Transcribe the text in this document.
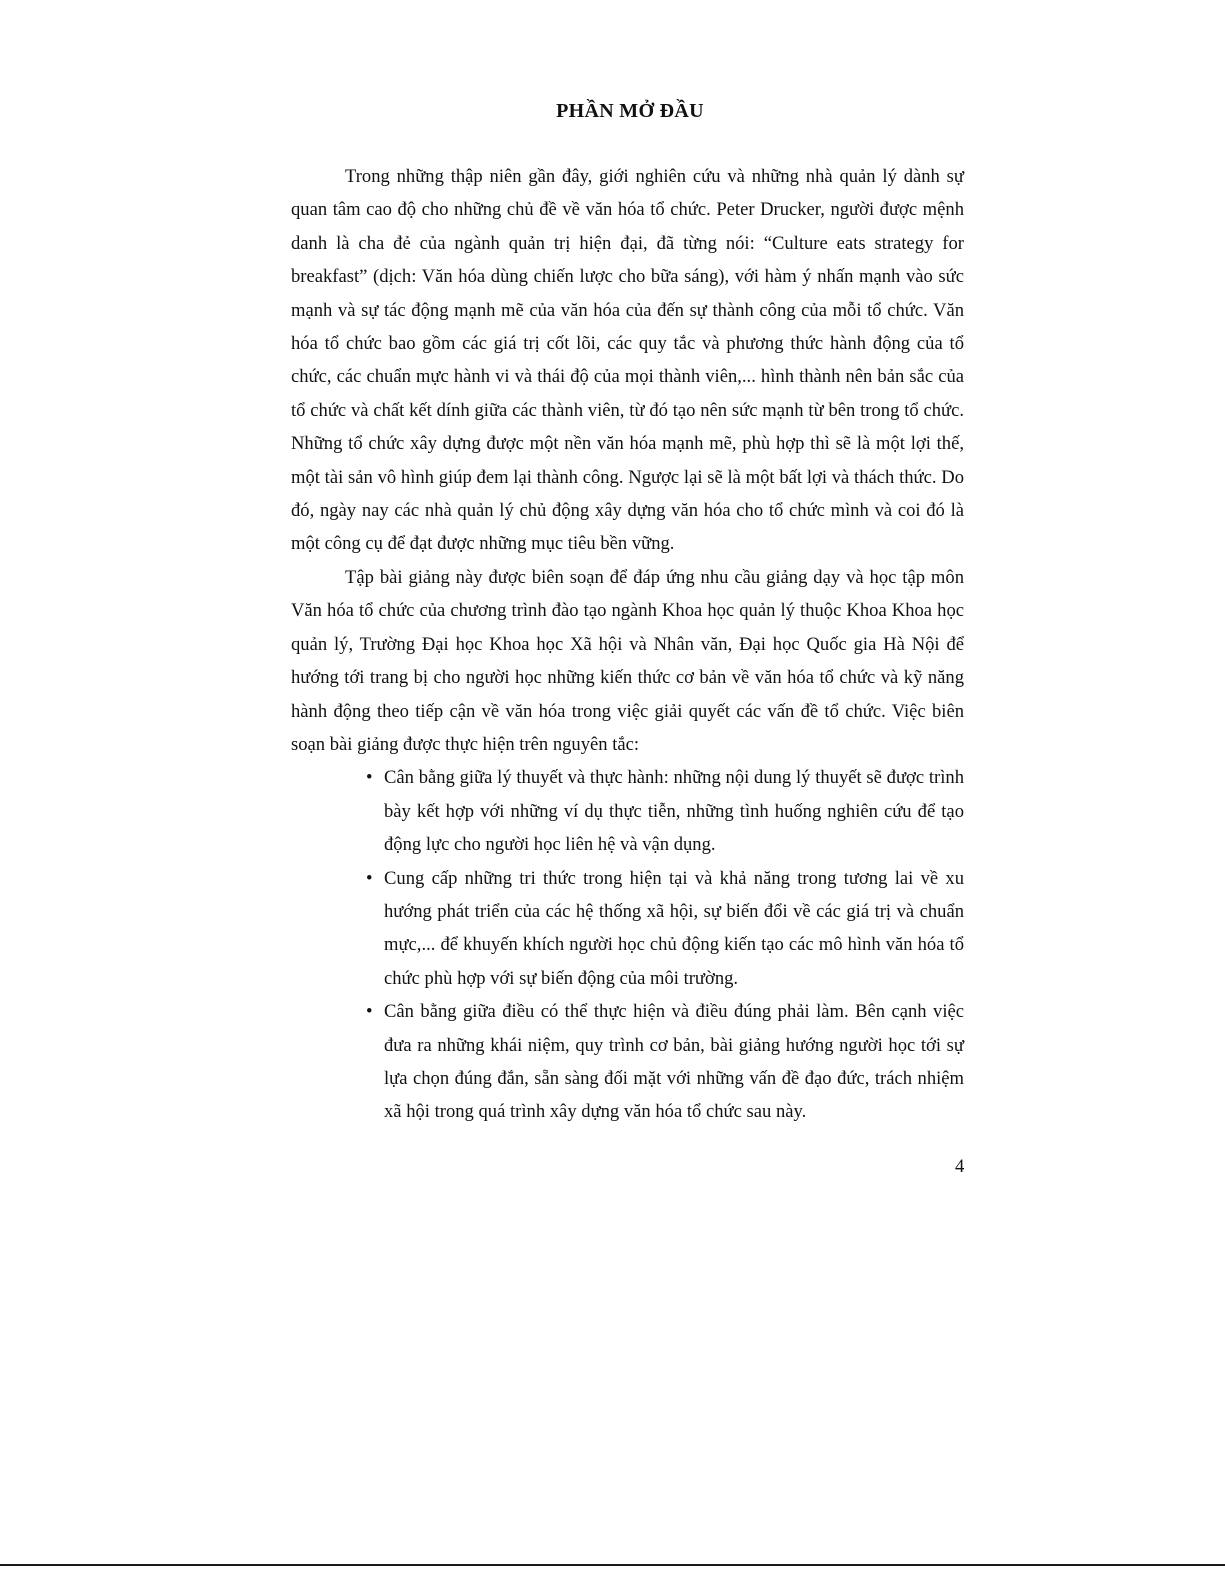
PHẦN MỞ ĐẦU

Trong những thập niên gần đây, giới nghiên cứu và những nhà quản lý dành sự quan tâm cao độ cho những chủ đề về văn hóa tổ chức. Peter Drucker, người được mệnh danh là cha đẻ của ngành quản trị hiện đại, đã từng nói: “Culture eats strategy for breakfast” (dịch: Văn hóa dùng chiến lược cho bữa sáng), với hàm ý nhấn mạnh vào sức mạnh và sự tác động mạnh mẽ của văn hóa của đến sự thành công của mỗi tổ chức. Văn hóa tổ chức bao gồm các giá trị cốt lõi, các quy tắc và phương thức hành động của tổ chức, các chuẩn mực hành vi và thái độ của mọi thành viên,... hình thành nên bản sắc của tổ chức và chất kết dính giữa các thành viên, từ đó tạo nên sức mạnh từ bên trong tổ chức. Những tổ chức xây dựng được một nền văn hóa mạnh mẽ, phù hợp thì sẽ là một lợi thế, một tài sản vô hình giúp đem lại thành công. Ngược lại sẽ là một bất lợi và thách thức. Do đó, ngày nay các nhà quản lý chủ động xây dựng văn hóa cho tổ chức mình và coi đó là một công cụ để đạt được những mục tiêu bền vững.

Tập bài giảng này được biên soạn để đáp ứng nhu cầu giảng dạy và học tập môn Văn hóa tổ chức của chương trình đào tạo ngành Khoa học quản lý thuộc Khoa Khoa học quản lý, Trường Đại học Khoa học Xã hội và Nhân văn, Đại học Quốc gia Hà Nội để hướng tới trang bị cho người học những kiến thức cơ bản về văn hóa tổ chức và kỹ năng hành động theo tiếp cận về văn hóa trong việc giải quyết các vấn đề tổ chức. Việc biên soạn bài giảng được thực hiện trên nguyên tắc:

• Cân bằng giữa lý thuyết và thực hành: những nội dung lý thuyết sẽ được trình bày kết hợp với những ví dụ thực tiễn, những tình huống nghiên cứu để tạo động lực cho người học liên hệ và vận dụng.
• Cung cấp những tri thức trong hiện tại và khả năng trong tương lai về xu hướng phát triển của các hệ thống xã hội, sự biến đổi về các giá trị và chuẩn mực,... để khuyến khích người học chủ động kiến tạo các mô hình văn hóa tổ chức phù hợp với sự biến động của môi trường.
• Cân bằng giữa điều có thể thực hiện và điều đúng phải làm. Bên cạnh việc đưa ra những khái niệm, quy trình cơ bản, bài giảng hướng người học tới sự lựa chọn đúng đắn, sẵn sàng đối mặt với những vấn đề đạo đức, trách nhiệm xã hội trong quá trình xây dựng văn hóa tổ chức sau này.
4
